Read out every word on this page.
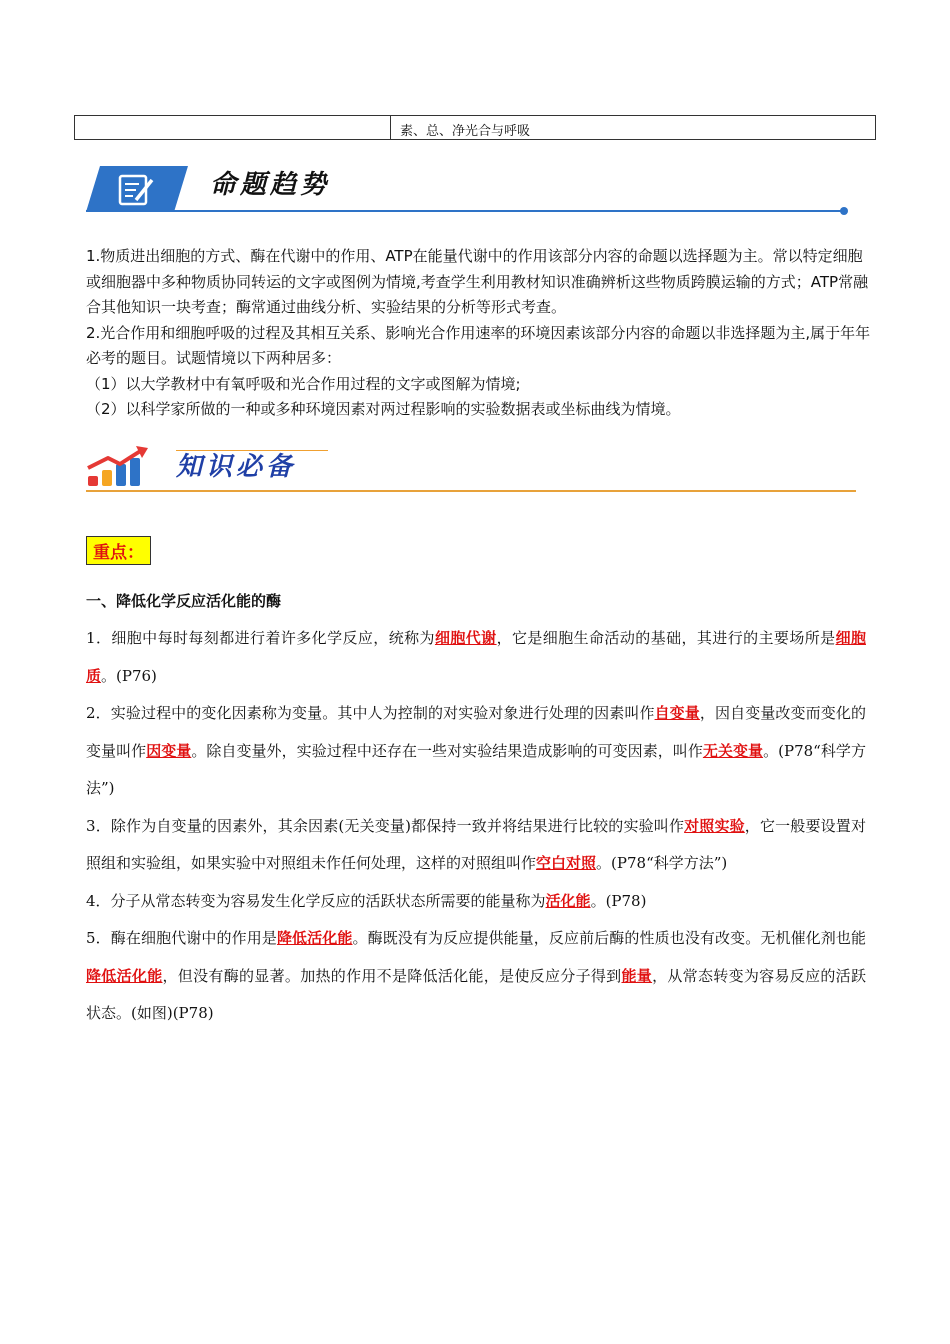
素、总、净光合与呼吸
命题趋势

1.物质进出细胞的方式、酶在代谢中的作用、ATP在能量代谢中的作用该部分内容的命题以选择题为主。常以特定细胞或细胞器中多种物质协同转运的文字或图例为情境,考查学生利用教材知识准确辨析这些物质跨膜运输的方式；ATP常融合其他知识一块考查；酶常通过曲线分析、实验结果的分析等形式考查。

2.光合作用和细胞呼吸的过程及其相互关系、影响光合作用速率的环境因素该部分内容的命题以非选择题为主,属于年年必考的题目。试题情境以下两种居多：

（1）以大学教材中有氧呼吸和光合作用过程的文字或图解为情境;

（2）以科学家所做的一种或多种环境因素对两过程影响的实验数据表或坐标曲线为情境。

知识必备
重点：
一、降低化学反应活化能的酶

1．细胞中每时每刻都进行着许多化学反应，统称为细胞代谢，它是细胞生命活动的基础，其进行的主要场所是细胞质。(P76)

2．实验过程中的变化因素称为变量。其中人为控制的对实验对象进行处理的因素叫作自变量，因自变量改变而变化的变量叫作因变量。除自变量外，实验过程中还存在一些对实验结果造成影响的可变因素，叫作无关变量。(P78“科学方法”)

3．除作为自变量的因素外，其余因素(无关变量)都保持一致并将结果进行比较的实验叫作对照实验，它一般要设置对照组和实验组，如果实验中对照组未作任何处理，这样的对照组叫作空白对照。(P78“科学方法”)

4．分子从常态转变为容易发生化学反应的活跃状态所需要的能量称为活化能。(P78)

5．酶在细胞代谢中的作用是降低活化能。酶既没有为反应提供能量，反应前后酶的性质也没有改变。无机催化剂也能降低活化能，但没有酶的显著。加热的作用不是降低活化能，是使反应分子得到能量，从常态转变为容易反应的活跃状态。(如图)(P78)
